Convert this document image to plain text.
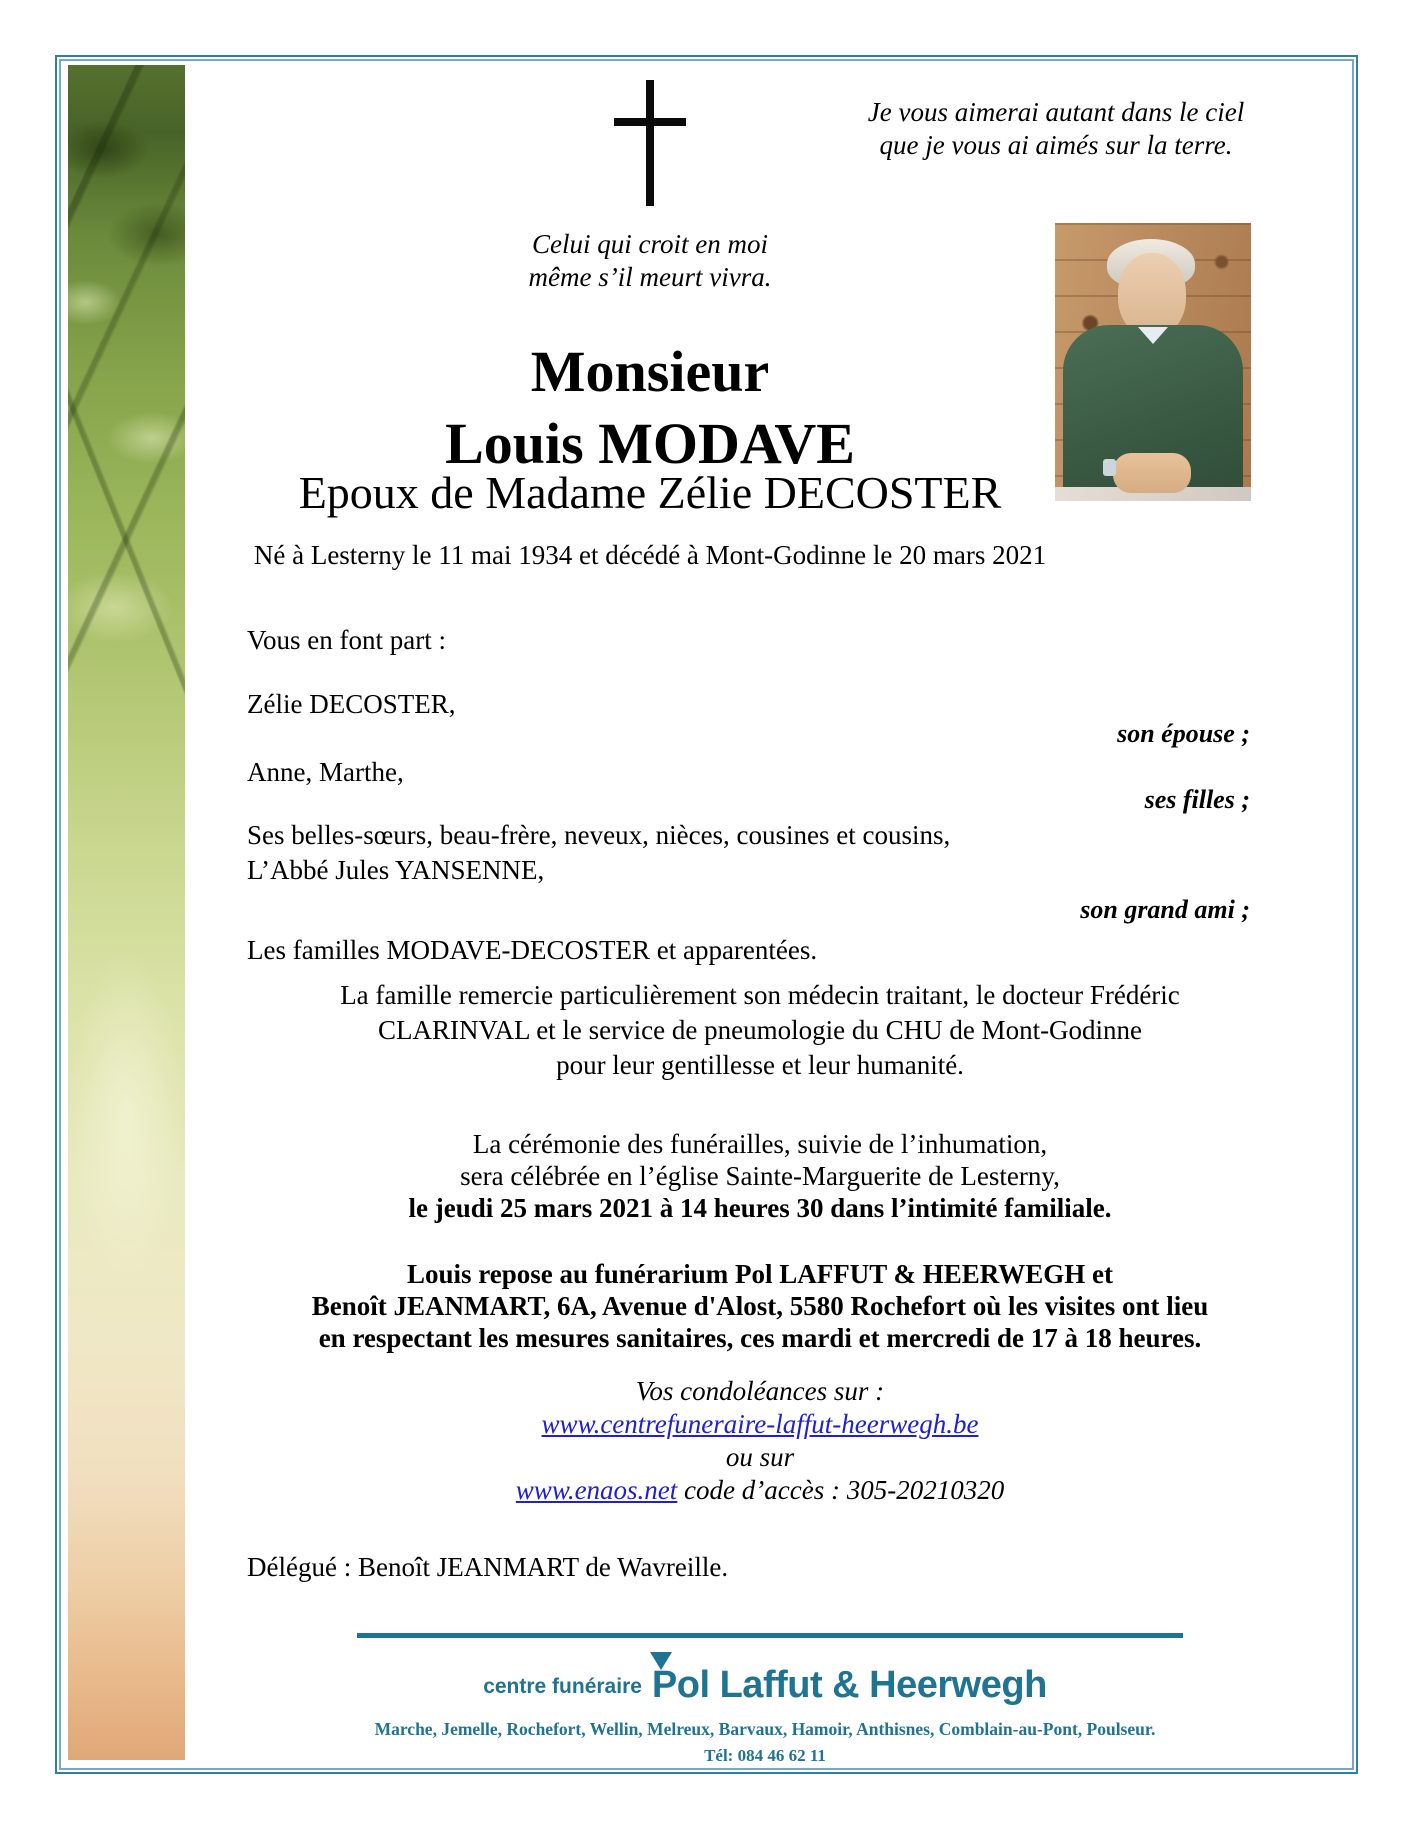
Je vous aimerai autant dans le ciel
que je vous ai aimés sur la terre.
Celui qui croit en moi
même s’il meurt vivra.
Monsieur
Louis MODAVE
Epoux de Madame Zélie DECOSTER
Né à Lesterny le 11 mai 1934 et décédé à Mont-Godinne le 20 mars 2021
Vous en font part :
Zélie DECOSTER,
son épouse ;
Anne, Marthe,
ses filles ;
Ses belles-sœurs, beau-frère, neveux, nièces, cousines et cousins,
L’Abbé Jules YANSENNE,
son grand ami ;
Les familles MODAVE-DECOSTER et apparentées.
La famille remercie particulièrement son médecin traitant, le docteur Frédéric
CLARINVAL et le service de pneumologie du CHU de Mont-Godinne
pour leur gentillesse et leur humanité.
La cérémonie des funérailles, suivie de l’inhumation,
sera célébrée en l’église Sainte-Marguerite de Lesterny,
le jeudi 25 mars 2021 à 14 heures 30 dans l’intimité familiale.
Louis repose au funérarium Pol LAFFUT & HEERWEGH et
Benoît JEANMART, 6A, Avenue d'Alost, 5580 Rochefort où les visites ont lieu
en respectant les mesures sanitaires, ces mardi et mercredi de 17 à 18 heures.
Vos condoléances sur :
www.centrefuneraire-laffut-heerwegh.be
ou sur
www.enaos.net code d’accès : 305-20210320
Délégué : Benoît JEANMART de Wavreille.
centre funéraire Pol Laffut & Heerwegh
Marche, Jemelle, Rochefort, Wellin, Melreux, Barvaux, Hamoir, Anthisnes, Comblain-au-Pont, Poulseur.
Tél: 084 46 62 11
